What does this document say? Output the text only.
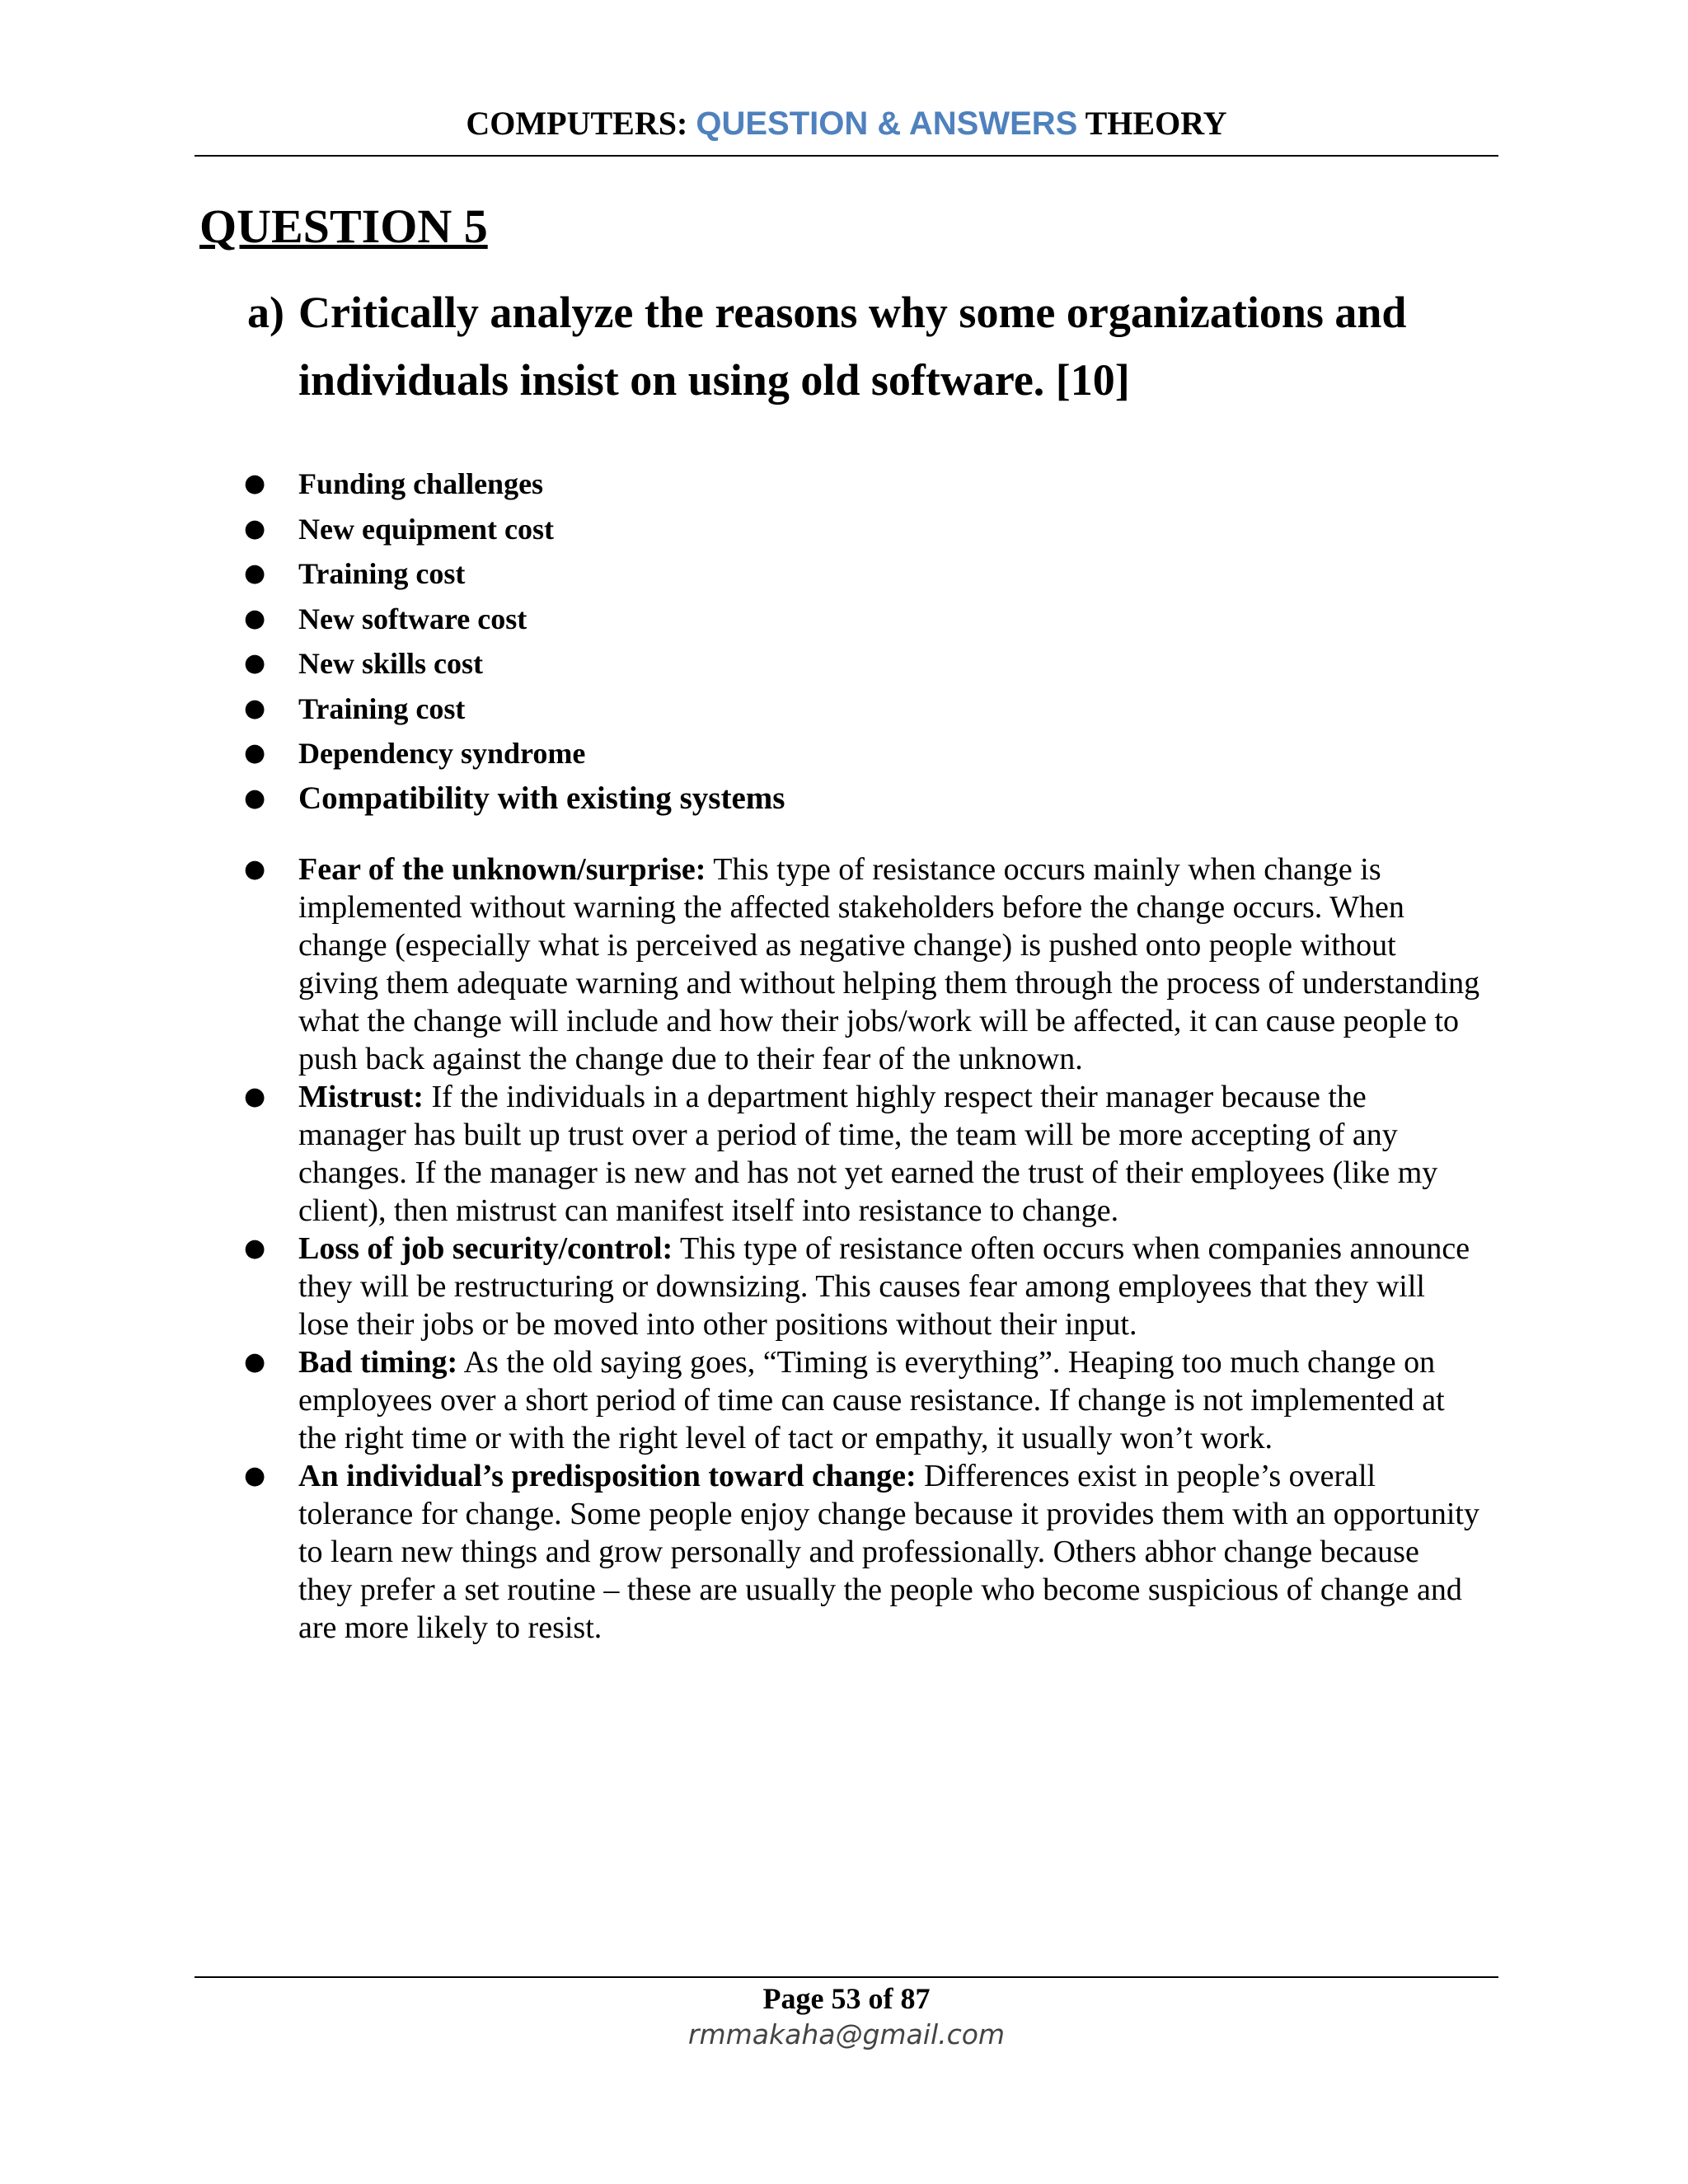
COMPUTERS: QUESTION & ANSWERS THEORY
QUESTION 5
a) Critically analyze the reasons why some organizations and individuals insist on using old software. [10]
● Funding challenges
● New equipment cost
● Training cost
● New software cost
● New skills cost
● Training cost
● Dependency syndrome
● Compatibility with existing systems
● Fear of the unknown/surprise: This type of resistance occurs mainly when change is implemented without warning the affected stakeholders before the change occurs. When change (especially what is perceived as negative change) is pushed onto people without giving them adequate warning and without helping them through the process of understanding what the change will include and how their jobs/work will be affected, it can cause people to push back against the change due to their fear of the unknown.
● Mistrust: If the individuals in a department highly respect their manager because the manager has built up trust over a period of time, the team will be more accepting of any changes. If the manager is new and has not yet earned the trust of their employees (like my client), then mistrust can manifest itself into resistance to change.
● Loss of job security/control: This type of resistance often occurs when companies announce they will be restructuring or downsizing. This causes fear among employees that they will lose their jobs or be moved into other positions without their input.
● Bad timing: As the old saying goes, “Timing is everything”. Heaping too much change on employees over a short period of time can cause resistance. If change is not implemented at the right time or with the right level of tact or empathy, it usually won’t work.
● An individual’s predisposition toward change: Differences exist in people’s overall tolerance for change. Some people enjoy change because it provides them with an opportunity to learn new things and grow personally and professionally. Others abhor change because they prefer a set routine – these are usually the people who become suspicious of change and are more likely to resist.
Page 53 of 87
rmmakaha@gmail.com
